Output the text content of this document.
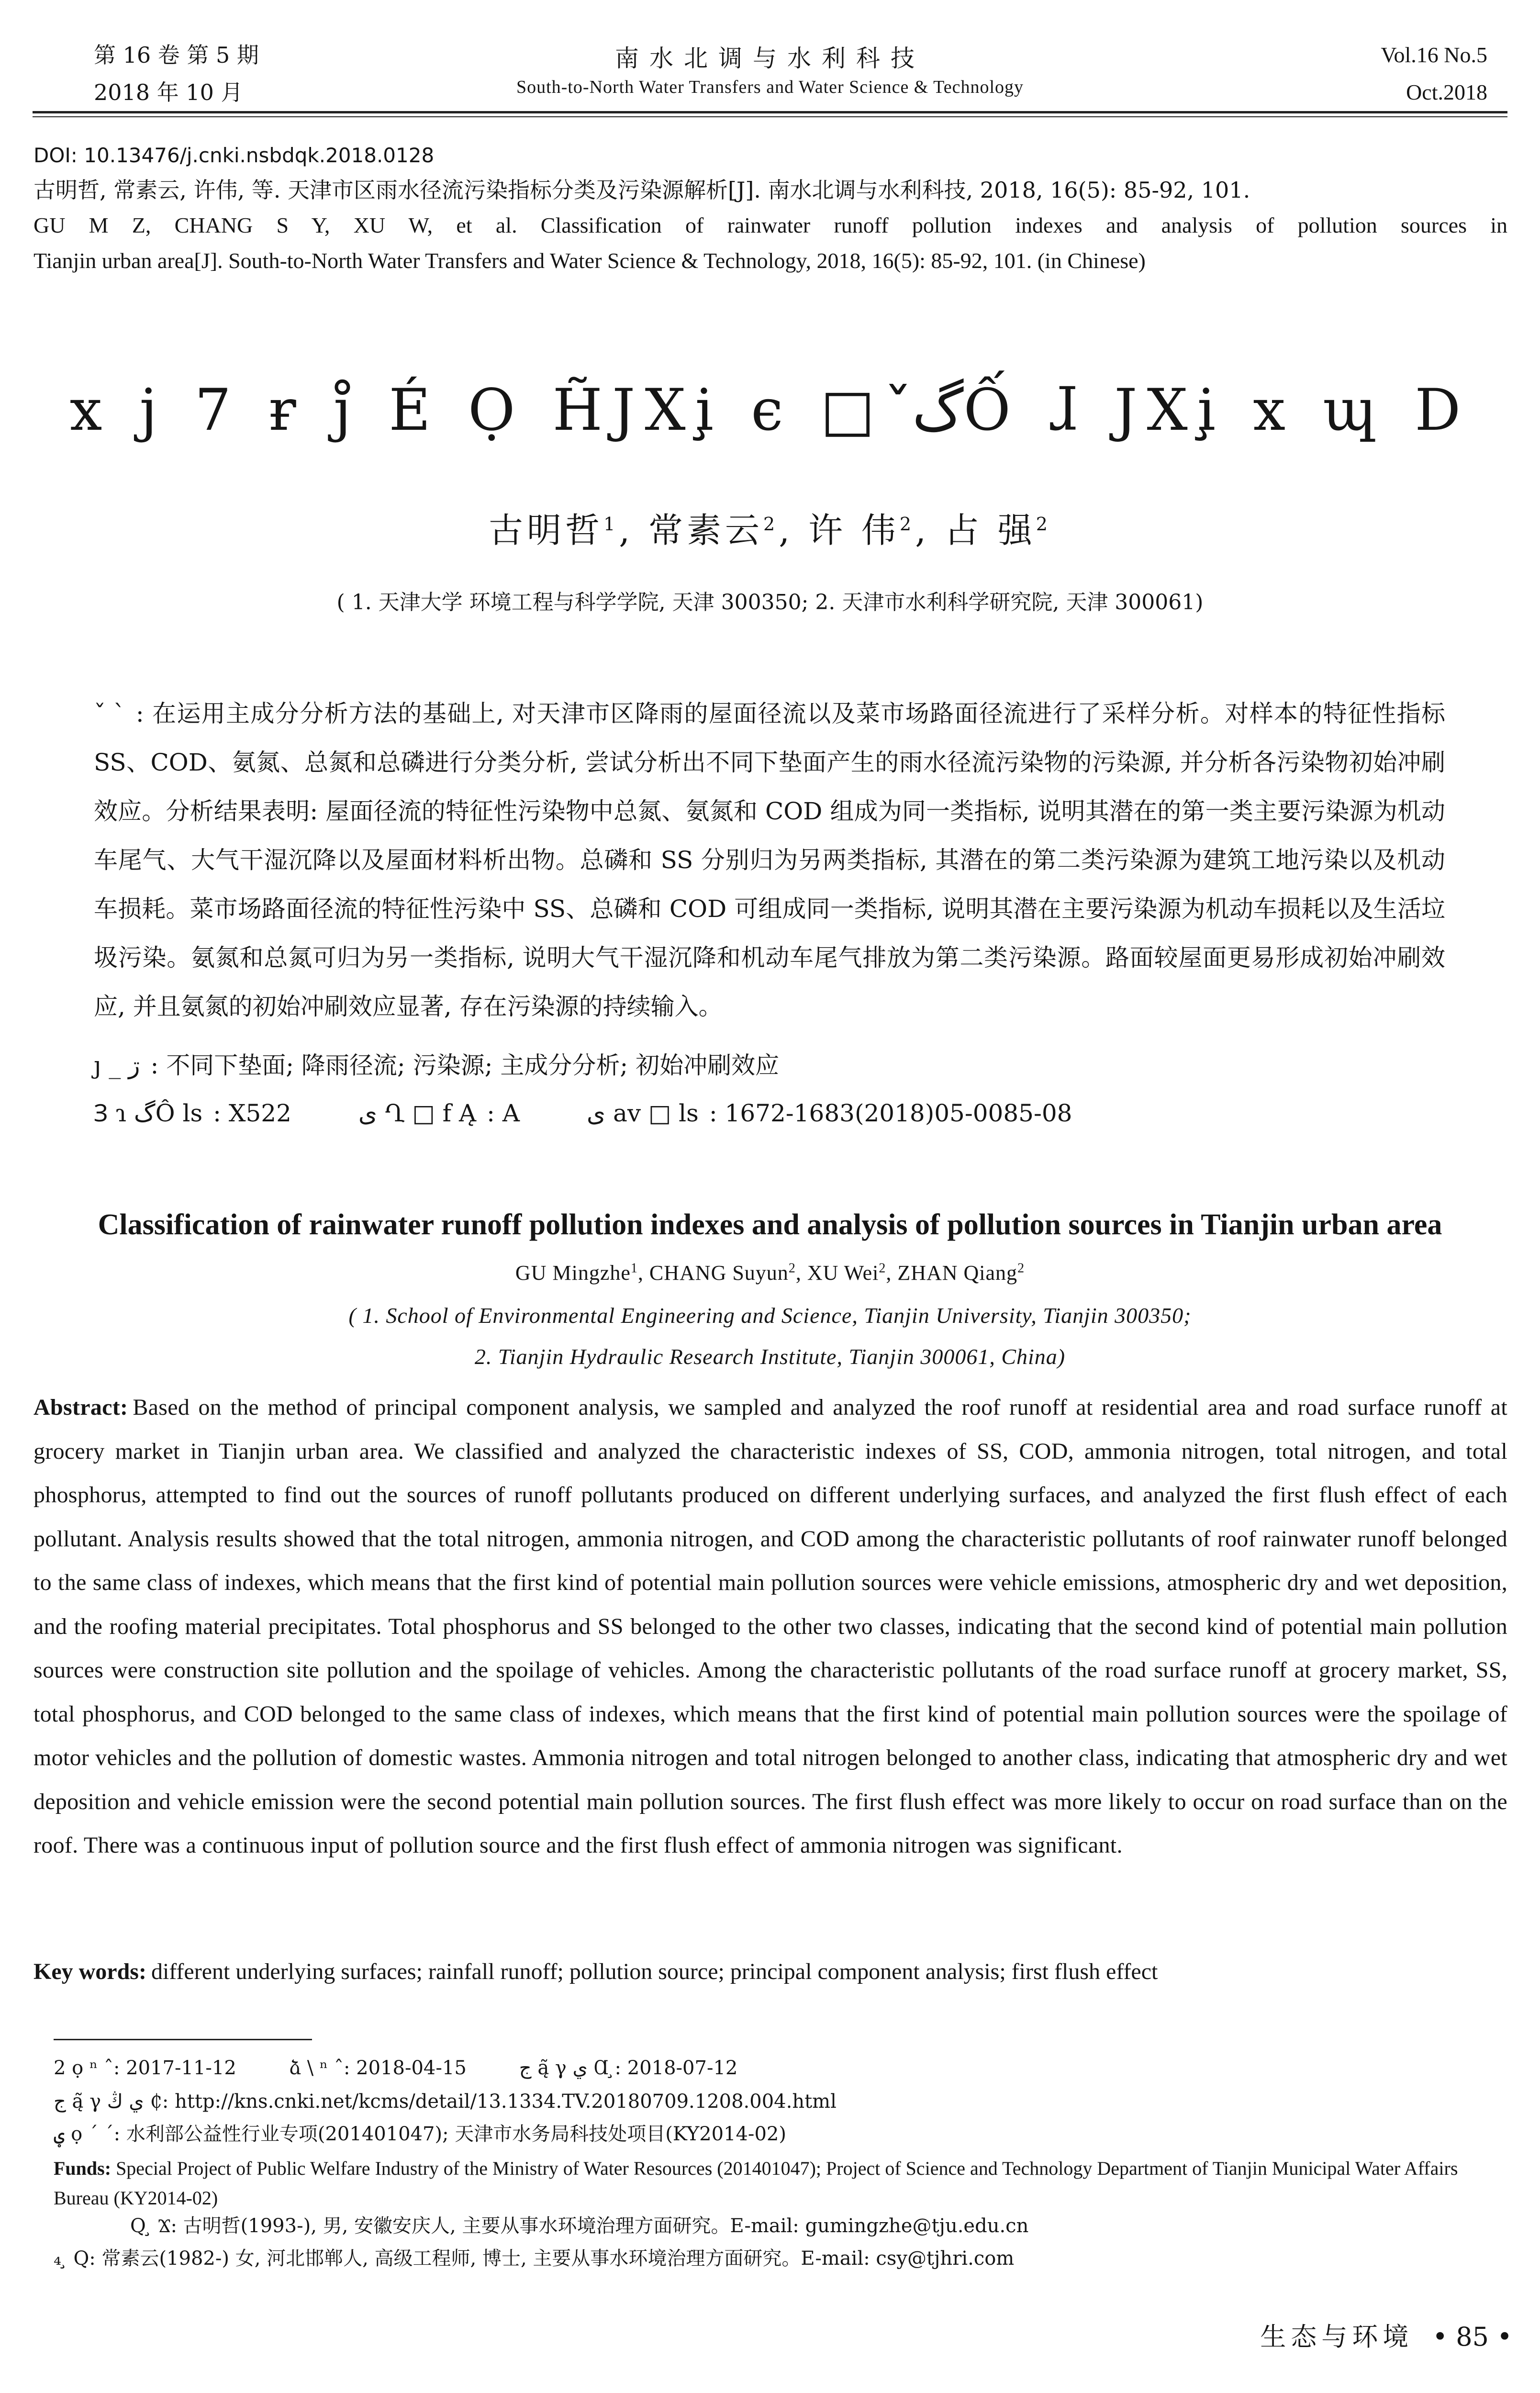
第 16 卷 第 5 期
2018 年 10 月
南水北调与水利科技
South-to-North Water Transfers and Water Science & Technology
Vol.16 No.5
Oct.2018
DOI: 10.13476/j.cnki.nsbdqk.2018.0128
古明哲, 常素云, 许伟, 等. 天津市区雨水径流污染指标分类及污染源解析[J]. 南水北调与水利科技, 2018, 16(5): 85-92, 101.
GU M Z, CHANG S Y, XU W, et al. Classification of rainwater runoff pollution indexes and analysis of pollution sources in
Tianjin urban area[J]. South-to-North Water Transfers and Water Science & Technology, 2018, 16(5): 85-92, 101. (in Chinese)
x j 7 ɍ j̊ É Ọ H̃JXi̧ є □ گ̌Ố ɺ JXi̧ x ɰ D
古明哲$^1$, 常素云$^2$, 许 伟$^2$, 占 强$^2$
( 1. 天津大学 环境工程与科学学院, 天津 300350; 2. 天津市水利科学研究院, 天津 300061)
ˇ ˋ : 在运用主成分分析方法的基础上, 对天津市区降雨的屋面径流以及菜市场路面径流进行了采样分析。对样本的特征性指标 SS、COD、氨氮、总氮和总磷进行分类分析, 尝试分析出不同下垫面产生的雨水径流污染物的污染源, 并分析各污染物初始冲刷效应。分析结果表明: 屋面径流的特征性污染物中总氮、氨氮和 COD 组成为同一类指标, 说明其潜在的第一类主要污染源为机动车尾气、大气干湿沉降以及屋面材料析出物。总磷和 SS 分别归为另两类指标, 其潜在的第二类污染源为建筑工地污染以及机动车损耗。菜市场路面径流的特征性污染中 SS、总磷和 COD 可组成同一类指标, 说明其潜在主要污染源为机动车损耗以及生活垃圾污染。氨氮和总氮可归为另一类指标, 说明大气干湿沉降和机动车尾气排放为第二类污染源。路面较屋面更易形成初始冲刷效应, 并且氨氮的初始冲刷效应显著, 存在污染源的持续输入。
ȷ _ ڗ : 不同下垫面; 降雨径流; 污染源; 主成分分析; 初始冲刷效应
Ɜ ɿ گÔ ls : X522	ی Ղ □ f Ą : A	ی av □ ls : 1672-1683(2018)05-0085-08
Classification of rainwater runoff pollution indexes and analysis of pollution sources in Tianjin urban area
GU Mingzhe$^1$, CHANG Suyun$^2$, XU Wei$^2$, ZHAN Qiang$^2$
( 1. School of Environmental Engineering and Science, Tianjin University, Tianjin 300350;
2. Tianjin Hydraulic Research Institute, Tianjin 300061, China)
Abstract: Based on the method of principal component analysis, we sampled and analyzed the roof runoff at residential area and road surface runoff at grocery market in Tianjin urban area. We classified and analyzed the characteristic indexes of SS, COD, ammonia nitrogen, total nitrogen, and total phosphorus, attempted to find out the sources of runoff pollutants produced on different underlying surfaces, and analyzed the first flush effect of each pollutant. Analysis results showed that the total nitrogen, ammonia nitrogen, and COD among the characteristic pollutants of roof rainwater runoff belonged to the same class of indexes, which means that the first kind of potential main pollution sources were vehicle emissions, atmospheric dry and wet deposition, and the roofing material precipitates. Total phosphorus and SS belonged to the other two classes, indicating that the second kind of potential main pollution sources were construction site pollution and the spoilage of vehicles. Among the characteristic pollutants of the road surface runoff at grocery market, SS, total phosphorus, and COD belonged to the same class of indexes, which means that the first kind of potential main pollution sources were the spoilage of motor vehicles and the pollution of domestic wastes. Ammonia nitrogen and total nitrogen belonged to another class, indicating that atmospheric dry and wet deposition and vehicle emission were the second potential main pollution sources. The first flush effect was more likely to occur on road surface than on the roof. There was a continuous input of pollution source and the first flush effect of ammonia nitrogen was significant.
Key words: different underlying surfaces; rainfall runoff; pollution source; principal component analysis; first flush effect
2 ọ ⁿ ˆ: 2017-11-12	ձ \ ⁿ ˆ: 2018-04-15	ج ą̃ γ ي Ɑ ̧: 2018-07-12
ج ą̃ γ ي ڭ ₵: http://kns.cnki.net/kcms/detail/13.1334.TV.20180709.1208.004.html
ؠ ọ ˊ ˊ: 水利部公益性行业专项(201401047); 天津市水务局科技处项目(KY2014-02)
Funds: Special Project of Public Welfare Industry of the Ministry of Water Resources (201401047); Project of Science and Technology Department of Tianjin Municipal Water Affairs Bureau (KY2014-02)
Q ̧ Ϫ: 古明哲(1993-), 男, 安徽安庆人, 主要从事水环境治理方面研究。E-mail: gumingzhe@tju.edu.cn
₄ ̧ Q: 常素云(1982-) 女, 河北邯郸人, 高级工程师, 博士, 主要从事水环境治理方面研究。E-mail: csy@tjhri.com
生态与环境 • 85 •
